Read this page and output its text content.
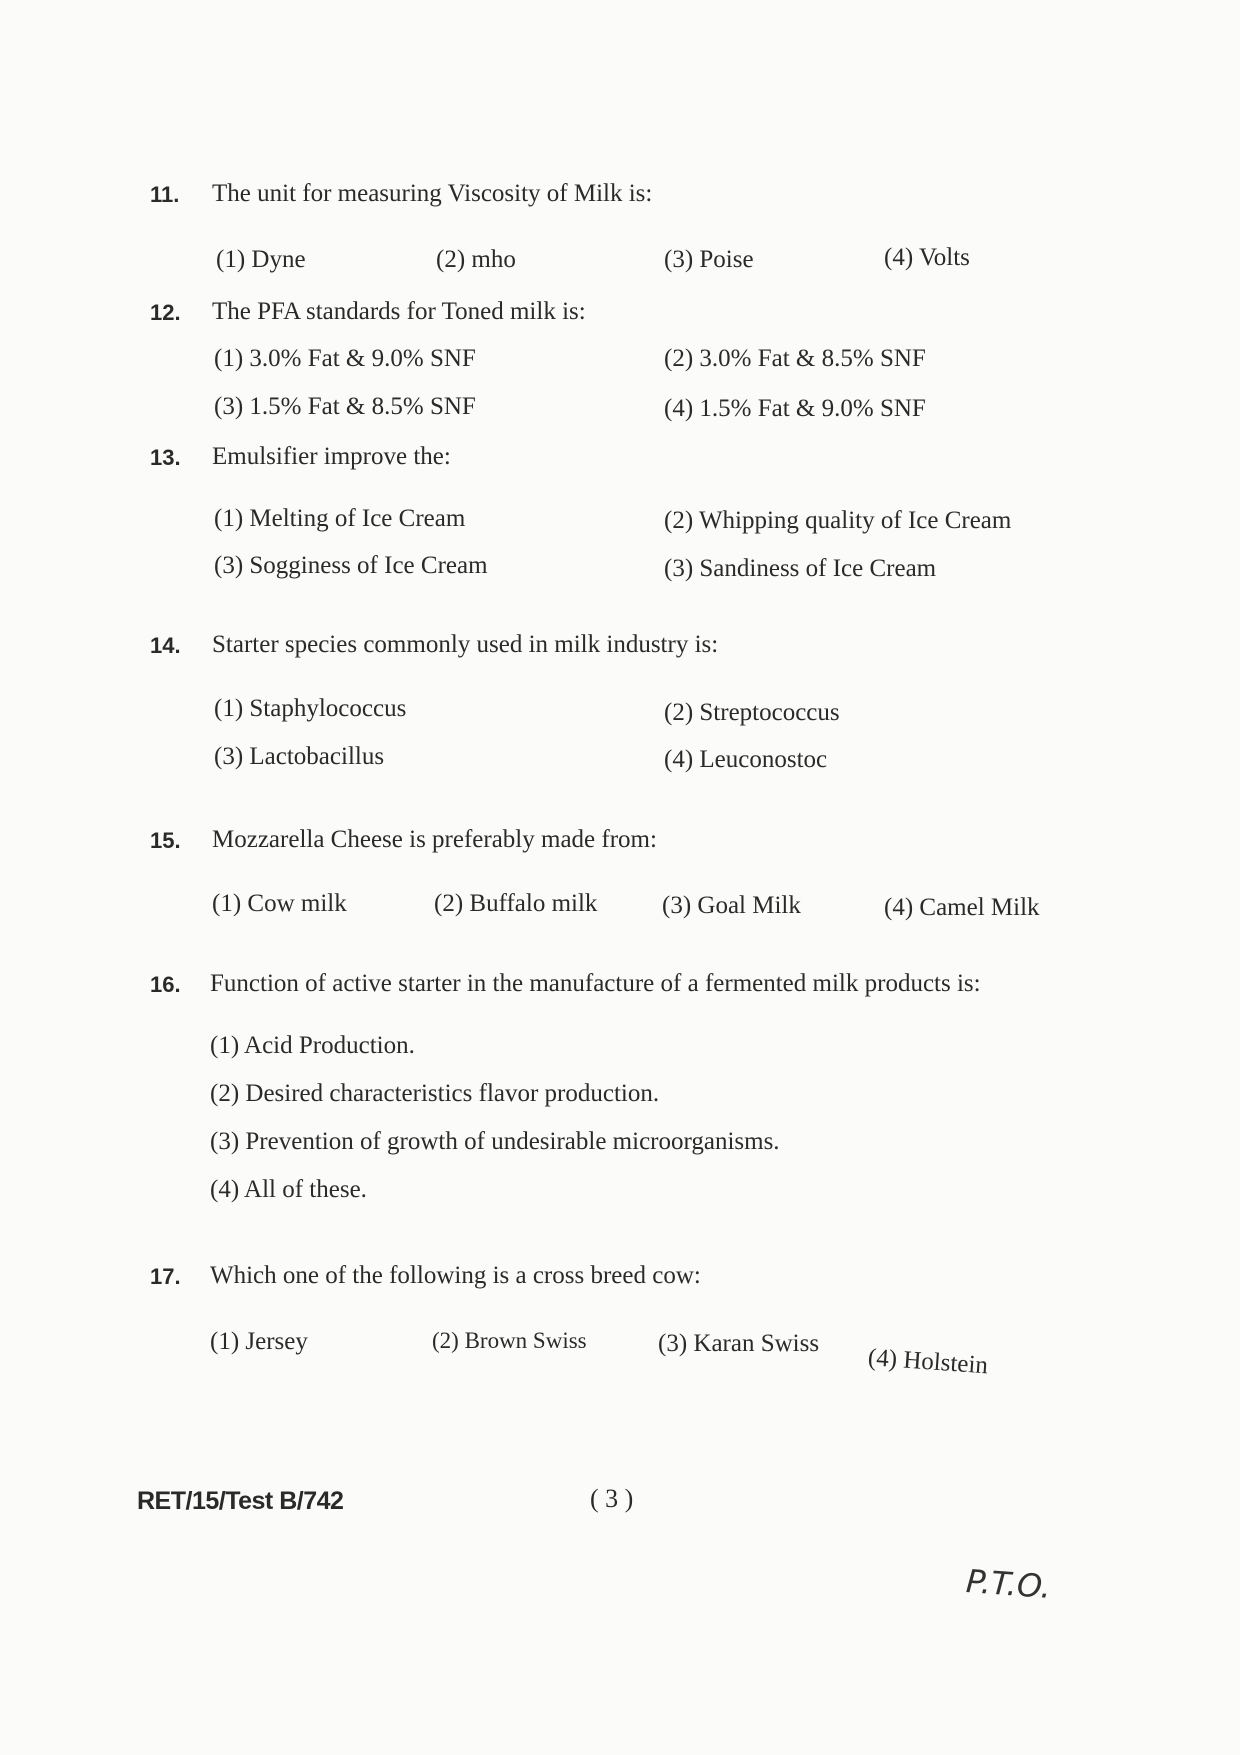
11. The unit for measuring Viscosity of Milk is:
(1) Dyne	(2) mho	(3) Poise	(4) Volts
12. The PFA standards for Toned milk is:
(1) 3.0% Fat & 9.0% SNF	(2) 3.0% Fat & 8.5% SNF
(3) 1.5% Fat & 8.5% SNF	(4) 1.5% Fat & 9.0% SNF
13. Emulsifier improve the:
(1) Melting of Ice Cream	(2) Whipping quality of Ice Cream
(3) Sogginess of Ice Cream	(3) Sandiness of Ice Cream
14. Starter species commonly used in milk industry is:
(1) Staphylococcus	(2) Streptococcus
(3) Lactobacillus	(4) Leuconostoc
15. Mozzarella Cheese is preferably made from:
(1) Cow milk	(2) Buffalo milk	(3) Goal Milk	(4) Camel Milk
16. Function of active starter in the manufacture of a fermented milk products is:
(1) Acid Production.
(2) Desired characteristics flavor production.
(3) Prevention of growth of undesirable microorganisms.
(4) All of these.
17. Which one of the following is a cross breed cow:
(1) Jersey	(2) Brown Swiss	(3) Karan Swiss
(4) Holstein
RET/15/Test B/742	( 3 )
P.T.O.
